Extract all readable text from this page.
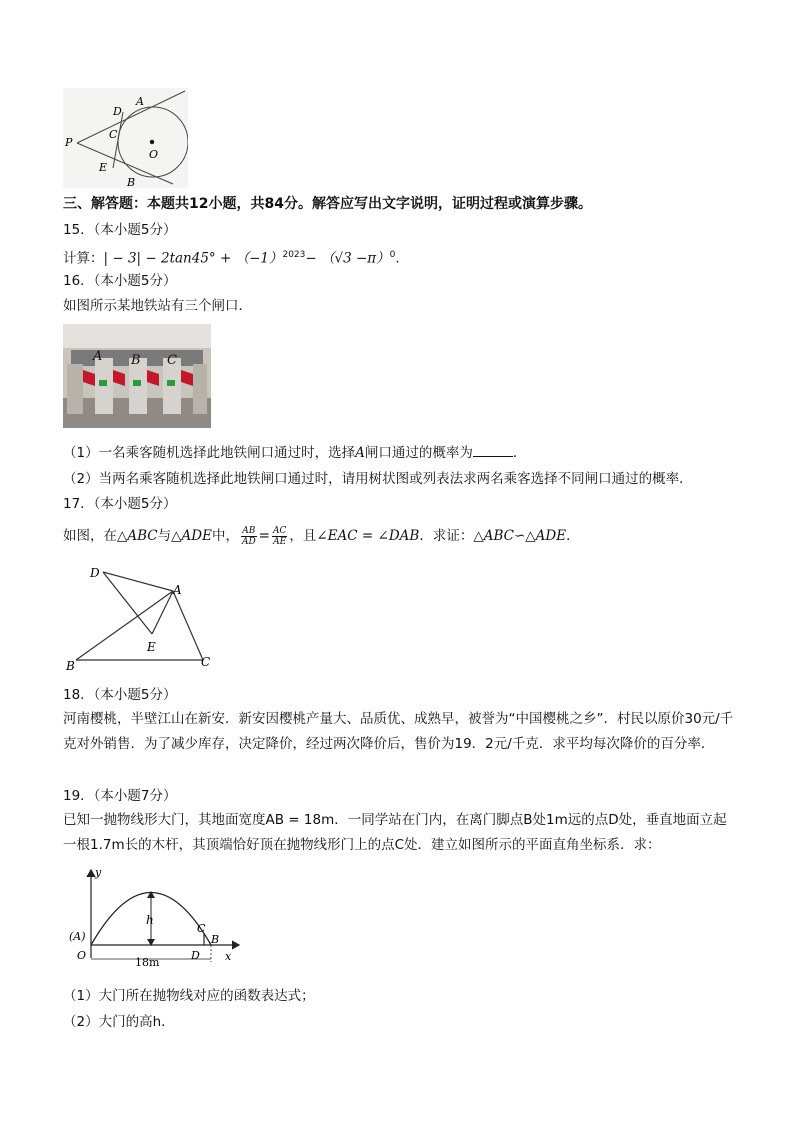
P
D
A
C
O
E
B
三、解答题：本题共12小题，共84分。解答应写出文字说明，证明过程或演算步骤。
15．（本小题5分）
计算：| − $3| - 2\tan 45^\circ + (-1)^{2023}- (√3 -\pi)^0$.
16．（本小题5分）
如图所示某地铁站有三个闸口．
A B C
（1）一名乘客随机选择此地铁闸口通过时，选择A闸口通过的概率为	．
（2）当两名乘客随机选择此地铁闸口通过时，请用树状图或列表法求两名乘客选择不同闸口通过的概率．
17．（本小题5分）
如图，在△ABC与△ADE中， $\frac{AB}{AD} = \frac{AC}{AE}$ ，且∠EAC = ∠DAB．求证：△ABC∽△ADE．
D
A
E
B	C
18．（本小题5分）
河南樱桃，半壁江山在新安．新安因樱桃产量大、品质优、成熟早，被誉为“中国樱桃之乡”．村民以原价30元/千克对外销售．为了减少库存，决定降价，经过两次降价后，售价为19．2元/千克．求平均每次降价的百分率．
19．（本小题7分）
已知一抛物线形大门，其地面宽度AB = 18m．一同学站在门内，在离门脚点B处1m远的点D处，垂直地面立起一根1.7m长的木杆，其顶端恰好顶在抛物线形门上的点C处．建立如图所示的平面直角坐标系．求：
y
x
h
(A)
O
C
B
D
18m
（1）大门所在抛物线对应的函数表达式；
（2）大门的高h．
